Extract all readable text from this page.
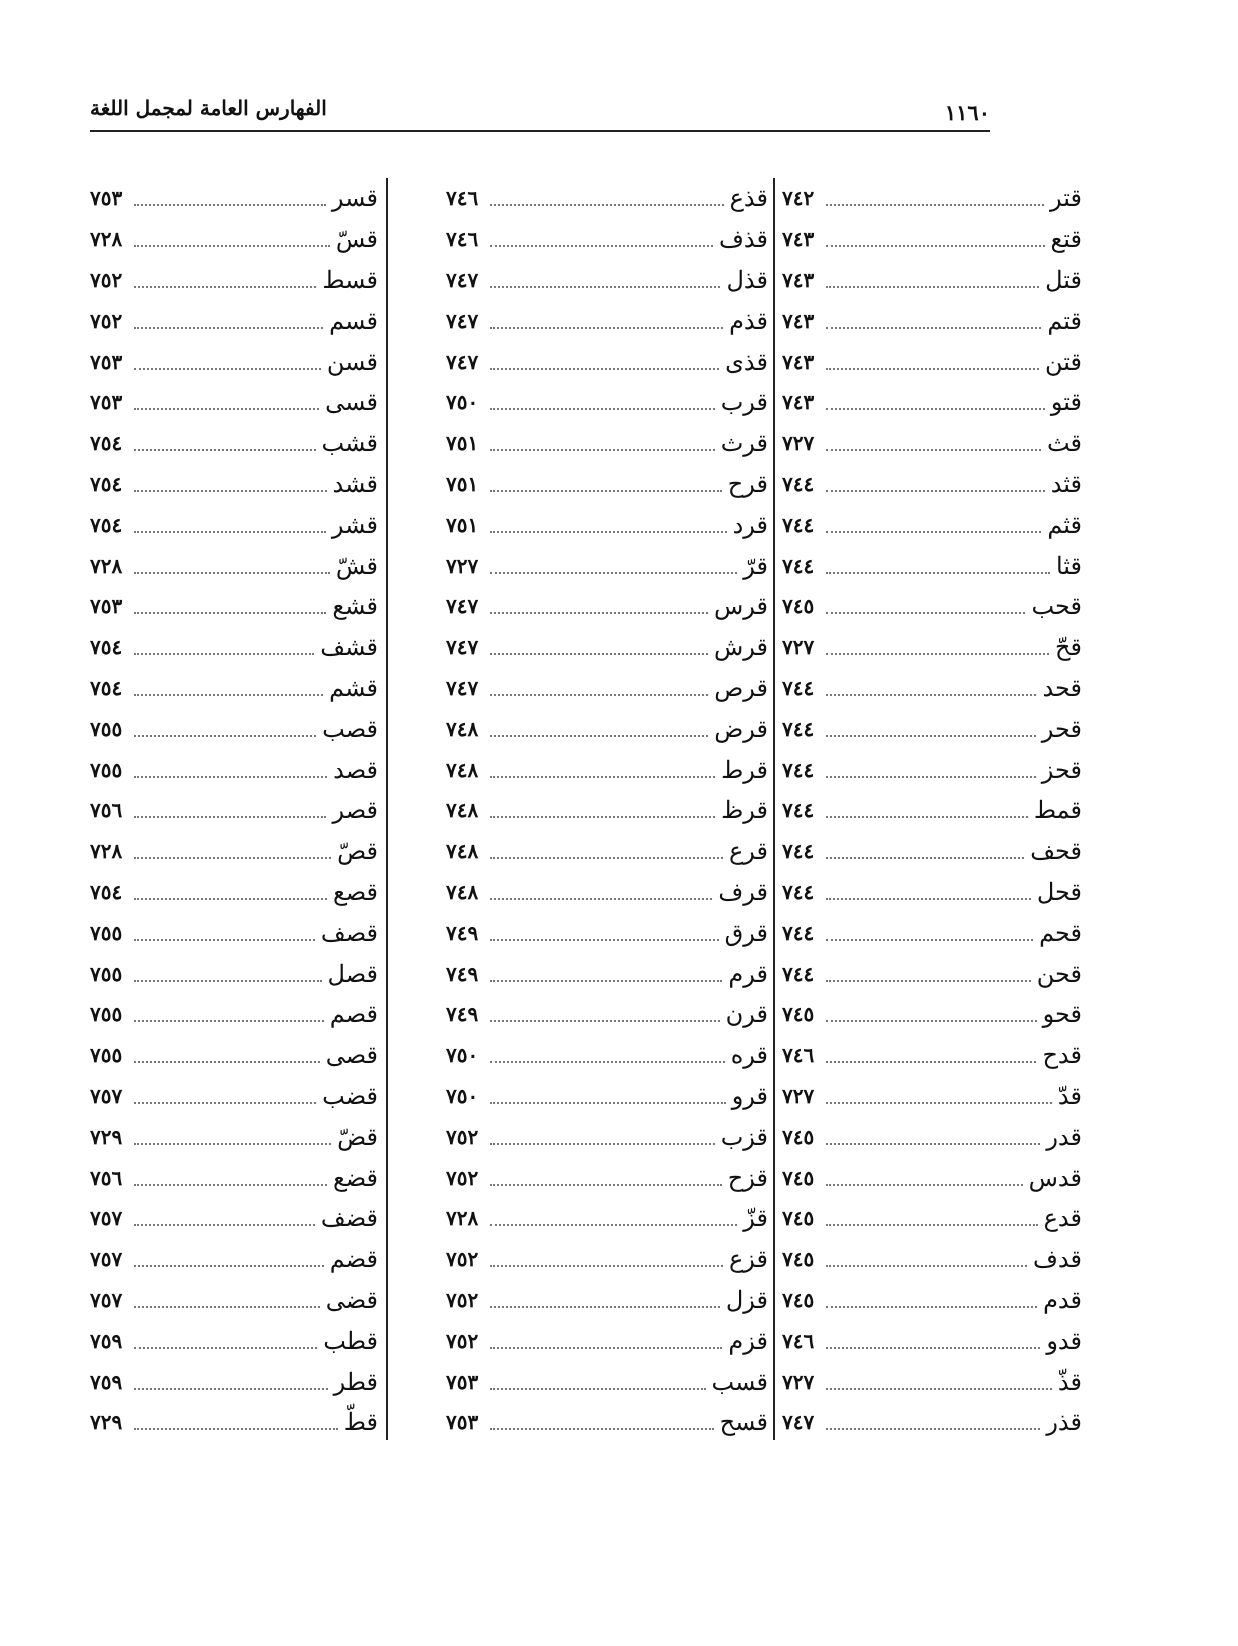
١١٦٠
الفهارس العامة لمجمل اللغة
٧٤٢	قتر
٧٤٣	قتع
٧٤٣	قتل
٧٤٣	قتم
٧٤٣	قتن
٧٤٣	قتو
٧٢٧	قث
٧٤٤	قثد
٧٤٤	قثم
٧٤٤	قثا
٧٤٥	قحب
٧٢٧	قحّ
٧٤٤	قحد
٧٤٤	قحر
٧٤٤	قحز
٧٤٤	قمط
٧٤٤	قحف
٧٤٤	قحل
٧٤٤	قحم
٧٤٤	قحن
٧٤٥	قحو
٧٤٦	قدح
٧٢٧	قدّ
٧٤٥	قدر
٧٤٥	قدس
٧٤٥	قدع
٧٤٥	قدف
٧٤٥	قدم
٧٤٦	قدو
٧٢٧	قذّ
٧٤٧	قذر
٧٤٦	قذع
٧٤٦	قذف
٧٤٧	قذل
٧٤٧	قذم
٧٤٧	قذى
٧٥٠	قرب
٧٥١	قرث
٧٥١	قرح
٧٥١	قرد
٧٢٧	قرّ
٧٤٧	قرس
٧٤٧	قرش
٧٤٧	قرص
٧٤٨	قرض
٧٤٨	قرط
٧٤٨	قرظ
٧٤٨	قرع
٧٤٨	قرف
٧٤٩	قرق
٧٤٩	قرم
٧٤٩	قرن
٧٥٠	قره
٧٥٠	قرو
٧٥٢	قزب
٧٥٢	قزح
٧٢٨	قزّ
٧٥٢	قزع
٧٥٢	قزل
٧٥٢	قزم
٧٥٣	قسب
٧٥٣	قسح
٧٥٣	قسر
٧٢٨	قسّ
٧٥٢	قسط
٧٥٢	قسم
٧٥٣	قسن
٧٥٣	قسى
٧٥٤	قشب
٧٥٤	قشد
٧٥٤	قشر
٧٢٨	قشّ
٧٥٣	قشع
٧٥٤	قشف
٧٥٤	قشم
٧٥٥	قصب
٧٥٥	قصد
٧٥٦	قصر
٧٢٨	قصّ
٧٥٤	قصع
٧٥٥	قصف
٧٥٥	قصل
٧٥٥	قصم
٧٥٥	قصى
٧٥٧	قضب
٧٢٩	قضّ
٧٥٦	قضع
٧٥٧	قضف
٧٥٧	قضم
٧٥٧	قضى
٧٥٩	قطب
٧٥٩	قطر
٧٢٩	قطّ
